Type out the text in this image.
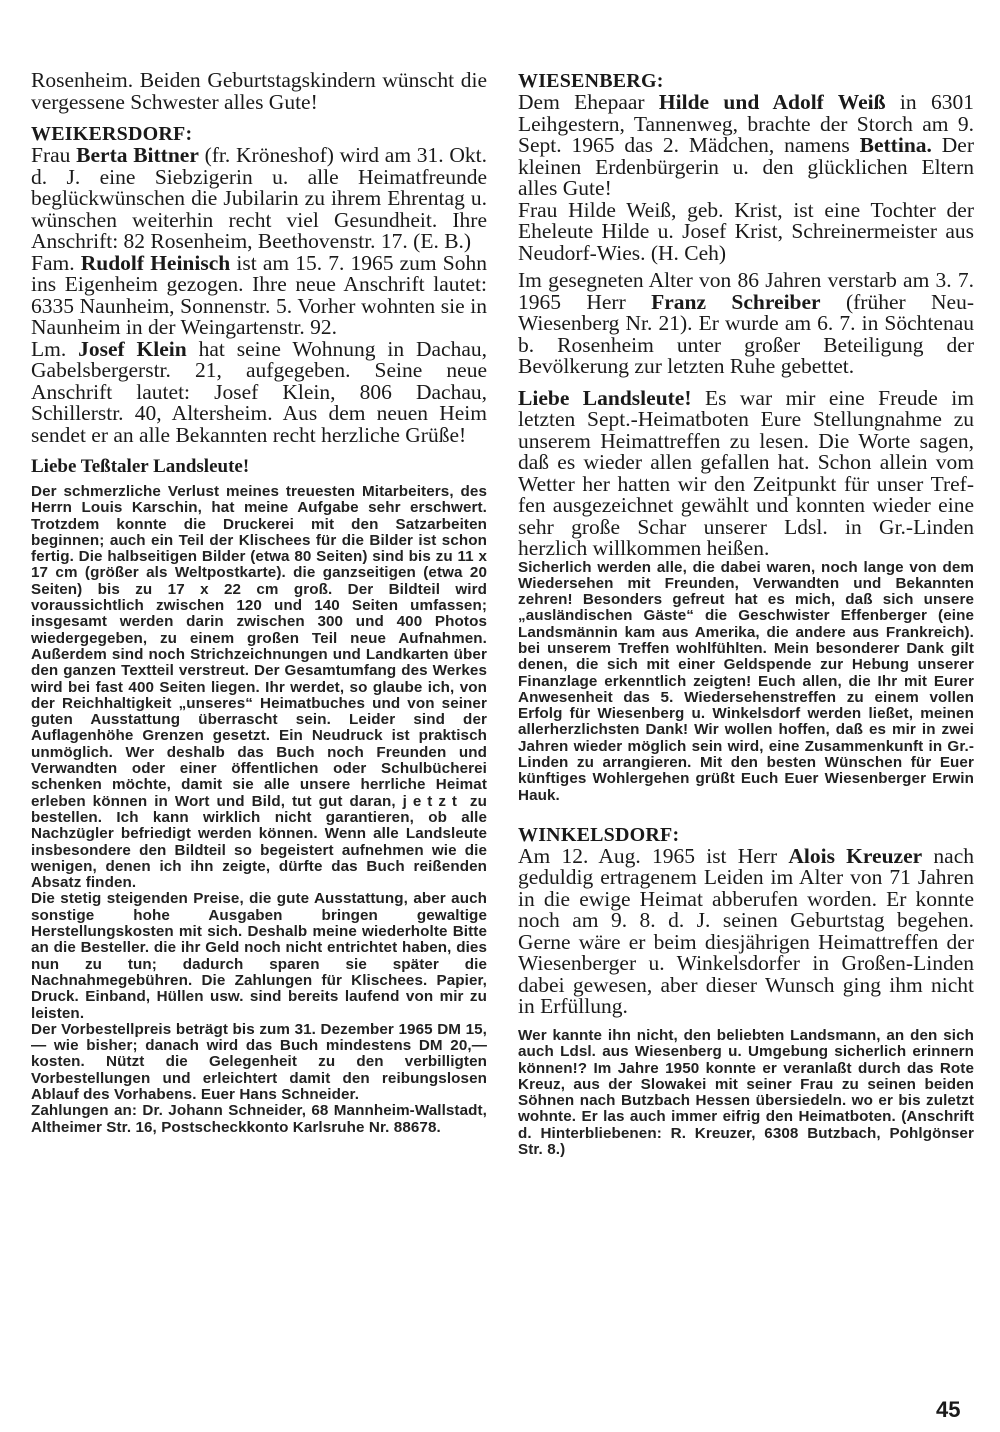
Rosenheim. Beiden Geburtstagskindern wünscht die vergessene Schwester alles Gute!

WEIKERSDORF:

Frau Berta Bittner (fr. Kröneshof) wird am 31. Okt. d. J. eine Siebzigerin u. alle Heimatfreunde beglückwünschen die Jubilarin zu ihrem Ehrentag u. wünschen weiterhin recht viel Gesundheit. Ihre Anschrift: 82 Rosenheim, Beethovenstr. 17. (E. B.)

Fam. Rudolf Heinisch ist am 15. 7. 1965 zum Sohn ins Eigenheim gezogen. Ihre neue Anschrift lautet: 6335 Naunheim, Sonnenstr. 5. Vorher wohnten sie in Naunheim in der Weingartenstr. 92.

Lm. Josef Klein hat seine Wohnung in Dachau, Gabelsbergerstr. 21, aufgegeben. Seine neue Anschrift lautet: Josef Klein, 806 Dachau, Schillerstr. 40, Altersheim. Aus dem neuen Heim sendet er an alle Bekannten recht herzliche Grüße!

Liebe Teßtaler Landsleute!

Der schmerzliche Verlust meines treuesten Mitarbeiters, des Herrn Louis Karschin, hat meine Aufgabe sehr erschwert. Trotzdem konnte die Druckerei mit den Satzarbeiten beginnen; auch ein Teil der Klischees für die Bilder ist schon fertig. Die halbseitigen Bilder (etwa 80 Seiten) sind bis zu 11 x 17 cm (größer als Weltpostkarte). die ganzseitigen (etwa 20 Seiten) bis zu 17 x 22 cm groß. Der Bildteil wird voraussichtlich zwischen 120 und 140 Seiten umfassen; insgesamt werden darin zwischen 300 und 400 Photos wiedergegeben, zu einem großen Teil neue Aufnahmen. Außerdem sind noch Strichzeichnungen und Landkarten über den ganzen Textteil verstreut. Der Gesamtumfang des Werkes wird bei fast 400 Seiten liegen. Ihr werdet, so glaube ich, von der Reichhaltigkeit „unseres“ Heimatbuches und von seiner guten Ausstattung überrascht sein. Leider sind der Auflagenhöhe Grenzen gesetzt. Ein Neudruck ist praktisch unmöglich. Wer deshalb das Buch noch Freunden und Verwandten oder einer öffentlichen oder Schulbücherei schenken möchte, damit sie alle unsere herrliche Heimat erleben können in Wort und Bild, tut gut daran, jetzt zu bestellen. Ich kann wirklich nicht garantieren, ob alle Nachzügler befriedigt werden können. Wenn alle Landsleute insbesondere den Bildteil so begeistert aufnehmen wie die wenigen, denen ich ihn zeigte, dürfte das Buch reißenden Absatz finden.

Die stetig steigenden Preise, die gute Ausstattung, aber auch sonstige hohe Ausgaben bringen gewaltige Herstellungskosten mit sich. Deshalb meine wiederholte Bitte an die Besteller. die ihr Geld noch nicht entrichtet haben, dies nun zu tun; dadurch sparen sie später die Nachnahmegebühren. Die Zahlungen für Klischees. Papier, Druck. Einband, Hüllen usw. sind bereits laufend von mir zu leisten.

Der Vorbestellpreis beträgt bis zum 31. Dezember 1965 DM 15,— wie bisher; danach wird das Buch mindestens DM 20,— kosten. Nützt die Gelegenheit zu den verbilligten Vorbestellungen und erleichtert damit den reibungslosen Ablauf des Vorhabens. Euer Hans Schneider.

Zahlungen an: Dr. Johann Schneider, 68 Mannheim-Wallstadt, Altheimer Str. 16, Postscheckkonto Karlsruhe Nr. 88678.

WIESENBERG:

Dem Ehepaar Hilde und Adolf Weiß in 6301 Leihgestern, Tannenweg, brachte der Storch am 9. Sept. 1965 das 2. Mädchen, namens Bettina. Der kleinen Erdenbürgerin u. den glücklichen Eltern alles Gute!

Frau Hilde Weiß, geb. Krist, ist eine Tochter der Eheleute Hilde u. Josef Krist, Schreinermeister aus Neudorf-Wies. (H. Ceh)

Im gesegneten Alter von 86 Jahren verstarb am 3. 7. 1965 Herr Franz Schreiber (früher Neu-Wiesenberg Nr. 21). Er wurde am 6. 7. in Söchtenau b. Rosenheim unter großer Beteiligung der Bevölkerung zur letzten Ruhe gebettet.

Liebe Landsleute! Es war mir eine Freude im letzten Sept.-Heimatboten Eure Stellungnahme zu unserem Heimattreffen zu lesen. Die Worte sagen, daß es wieder allen gefallen hat. Schon allein vom Wetter her hatten wir den Zeitpunkt für unser Treffen ausgezeichnet gewählt und konnten wieder eine sehr große Schar unserer Ldsl. in Gr.-Linden herzlich willkommen heißen.

Sicherlich werden alle, die dabei waren, noch lange von dem Wiedersehen mit Freunden, Verwandten und Bekannten zehren! Besonders gefreut hat es mich, daß sich unsere „ausländischen Gäste“ die Geschwister Effenberger (eine Landsmännin kam aus Amerika, die andere aus Frankreich). bei unserem Treffen wohlfühlten. Mein besonderer Dank gilt denen, die sich mit einer Geldspende zur Hebung unserer Finanzlage erkenntlich zeigten! Euch allen, die Ihr mit Eurer Anwesenheit das 5. Wiedersehenstreffen zu einem vollen Erfolg für Wiesenberg u. Winkelsdorf werden ließet, meinen allerherzlichsten Dank! Wir wollen hoffen, daß es mir in zwei Jahren wieder möglich sein wird, eine Zusammenkunft in Gr.-Linden zu arrangieren. Mit den besten Wünschen für Euer künftiges Wohlergehen grüßt Euch Euer Wiesenberger Erwin Hauk.

WINKELSDORF:

Am 12. Aug. 1965 ist Herr Alois Kreuzer nach geduldig ertragenem Leiden im Alter von 71 Jahren in die ewige Heimat abberufen worden. Er konnte noch am 9. 8. d. J. seinen Geburtstag begehen. Gerne wäre er beim diesjährigen Heimattreffen der Wiesenberger u. Winkelsdorfer in Großen-Linden dabei gewesen, aber dieser Wunsch ging ihm nicht in Erfüllung.

Wer kannte ihn nicht, den beliebten Landsmann, an den sich auch Ldsl. aus Wiesenberg u. Umgebung sicherlich erinnern können!? Im Jahre 1950 konnte er veranlaßt durch das Rote Kreuz, aus der Slowakei mit seiner Frau zu seinen beiden Söhnen nach Butzbach Hessen übersiedeln. wo er bis zuletzt wohnte. Er las auch immer eifrig den Heimatboten. (Anschrift d. Hinterbliebenen: R. Kreuzer, 6308 Butzbach, Pohlgönser Str. 8.)

45
